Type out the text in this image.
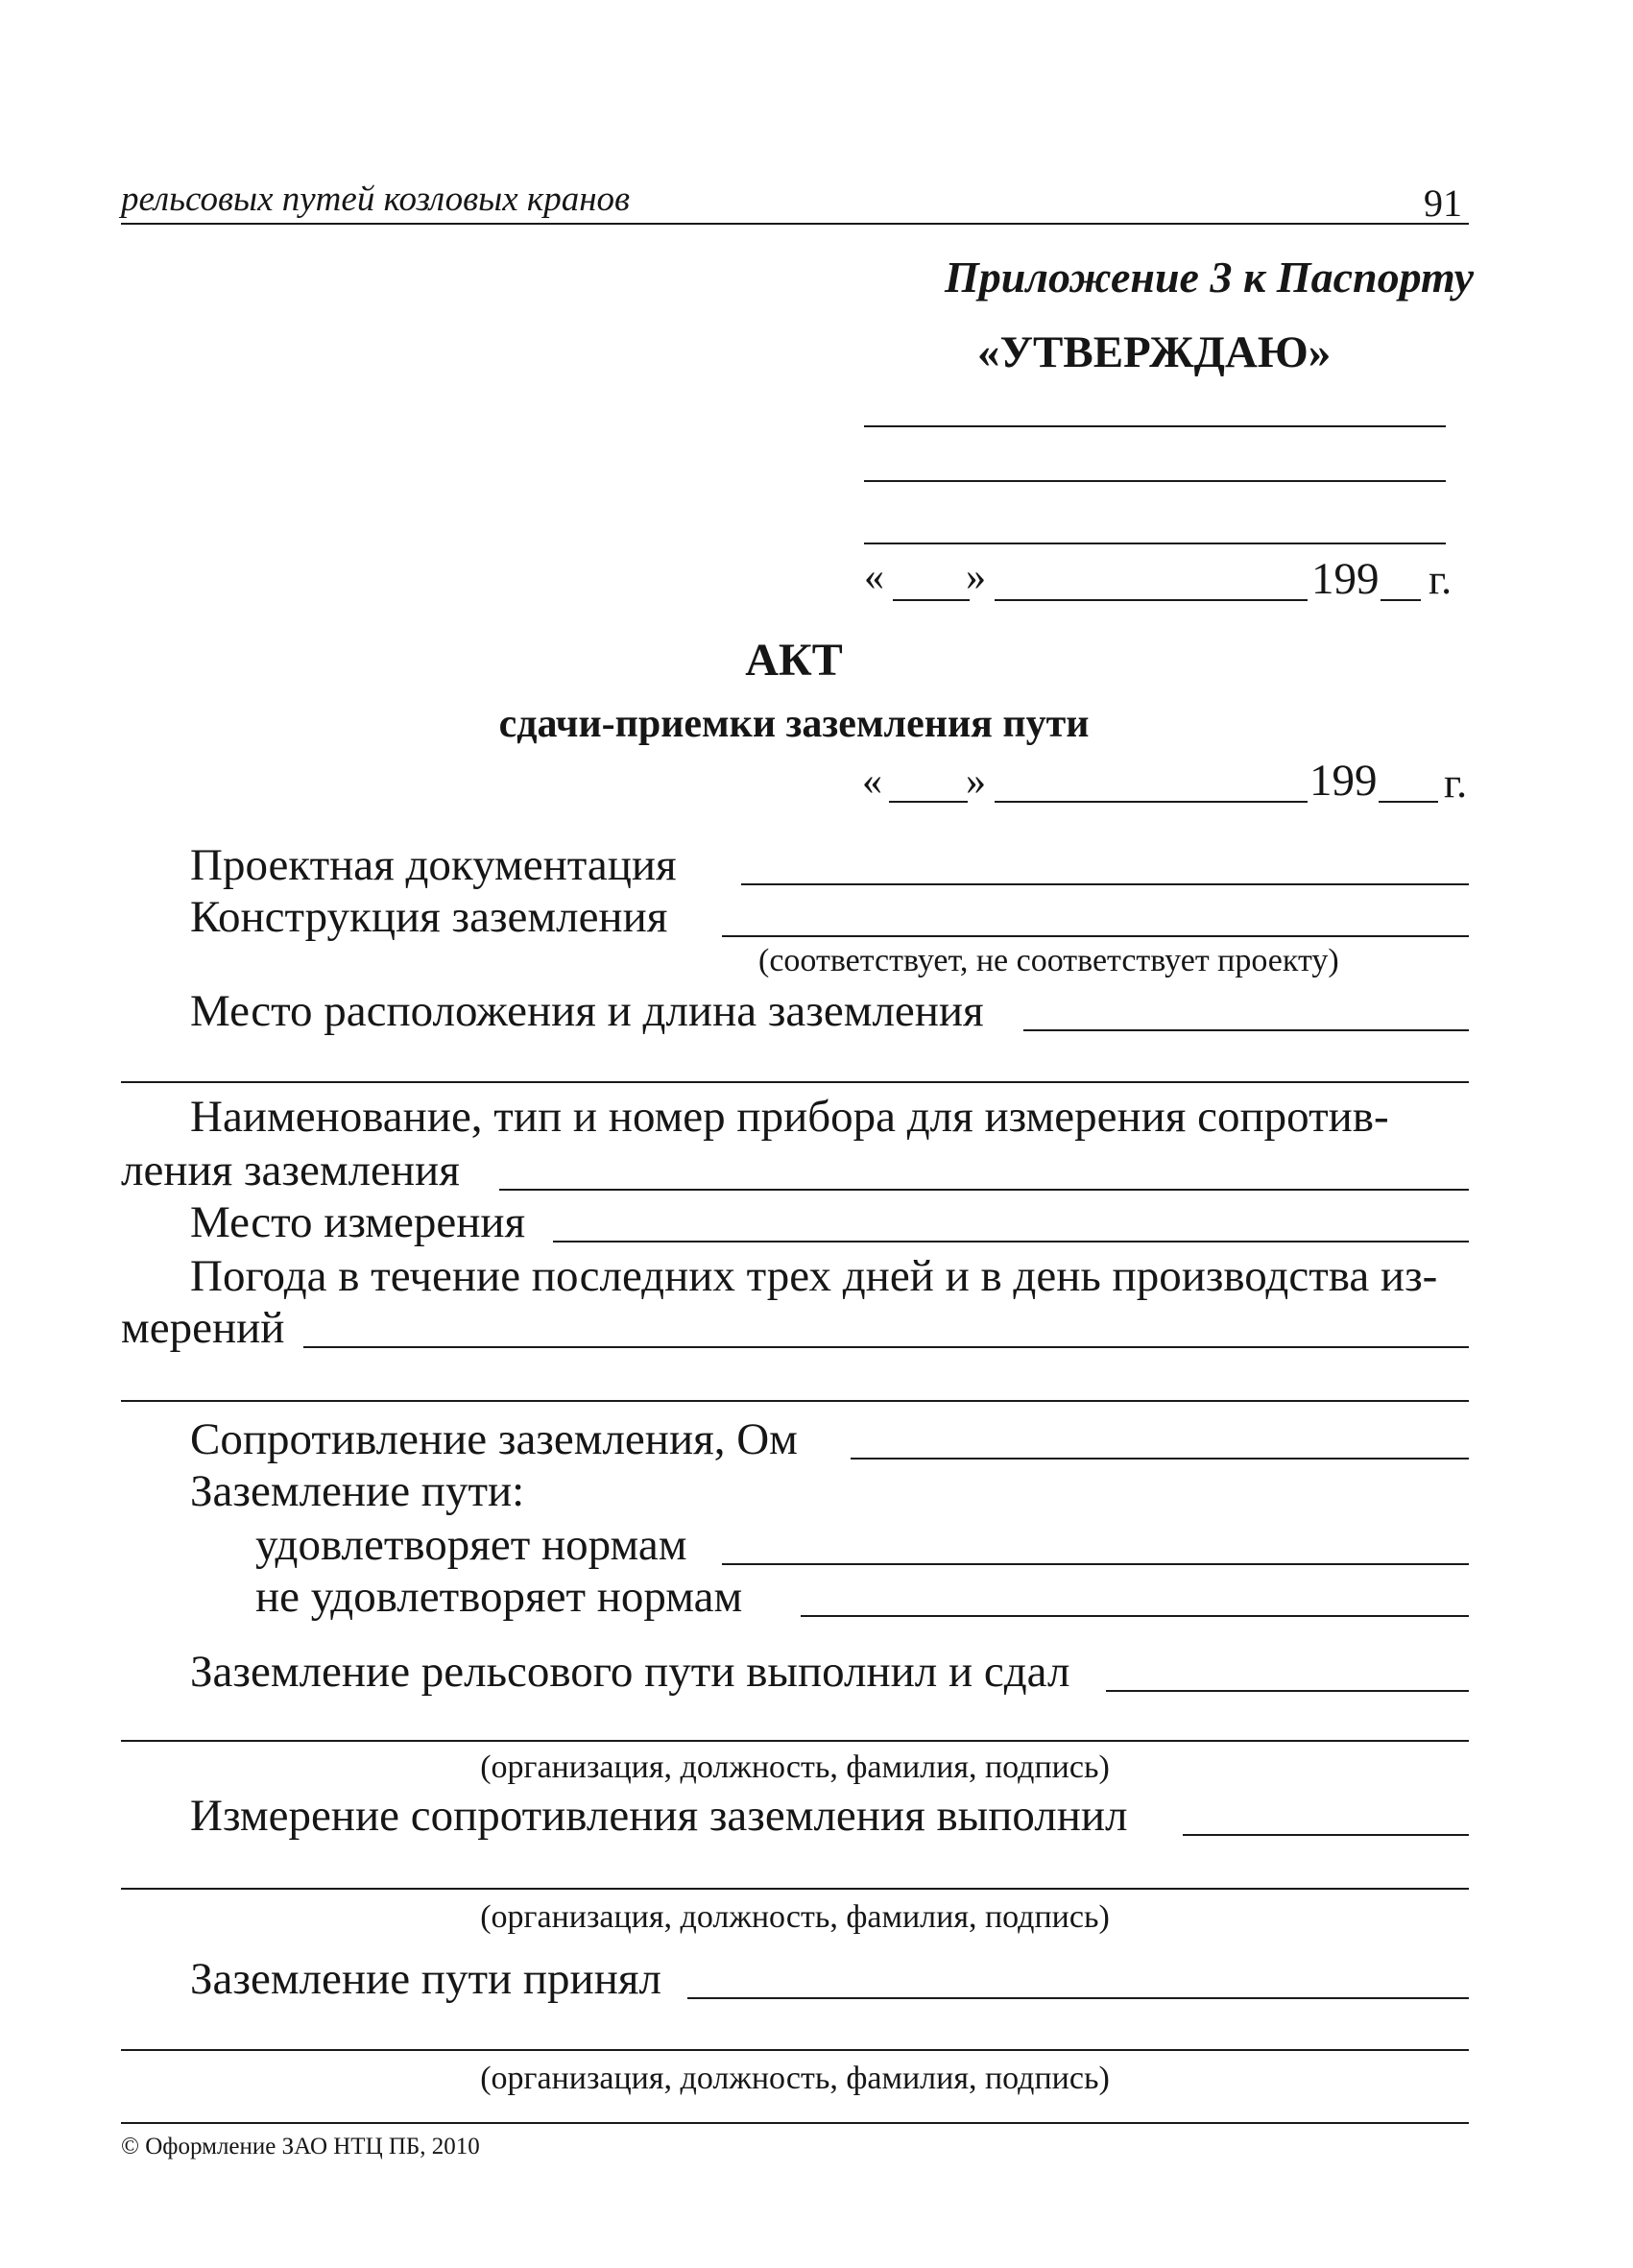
рельсовых путей козловых кранов	91
Приложение 3 к Паспорту
«УТВЕРЖДАЮ»
« »	199 г.
АКТ
сдачи-приемки заземления пути
« »	199 г.
Проектная документация
Конструкция заземления
(соответствует, не соответствует проекту)
Место расположения и длина заземления
Наименование, тип и номер прибора для измерения сопротив-
ления заземления
Место измерения
Погода в течение последних трех дней и в день производства из-
мерений
Сопротивление заземления, Ом
Заземление пути:
удовлетворяет нормам
не удовлетворяет нормам
Заземление рельсового пути выполнил и сдал
(организация, должность, фамилия, подпись)
Измерение сопротивления заземления выполнил
(организация, должность, фамилия, подпись)
Заземление пути принял
(организация, должность, фамилия, подпись)
© Оформление ЗАО НТЦ ПБ, 2010
